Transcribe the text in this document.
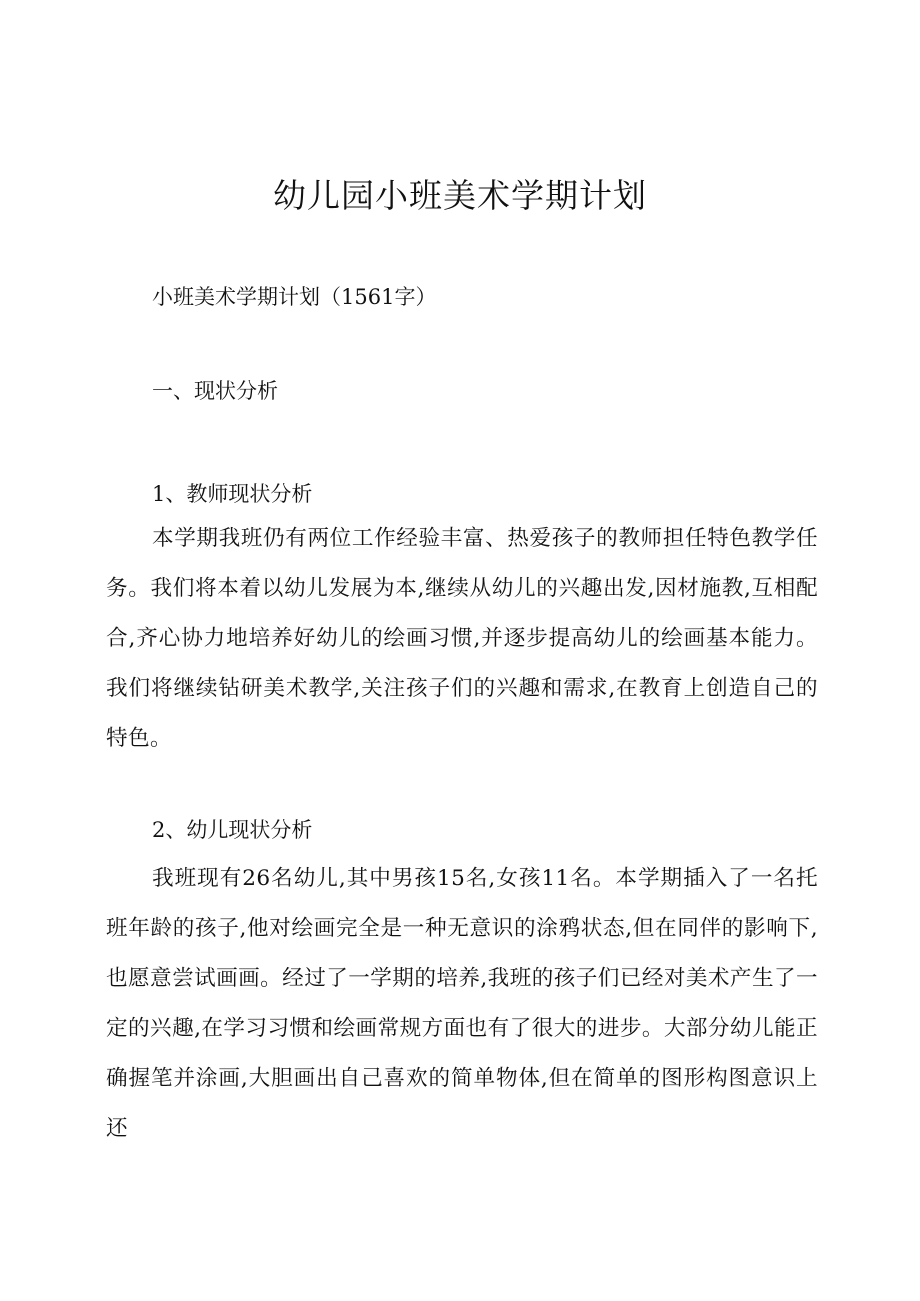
幼儿园小班美术学期计划
小班美术学期计划（1561字）
一、现状分析
1、教师现状分析

本学期我班仍有两位工作经验丰富、热爱孩子的教师担任特色教学任务。我们将本着以幼儿发展为本,继续从幼儿的兴趣出发,因材施教,互相配合,齐心协力地培养好幼儿的绘画习惯,并逐步提高幼儿的绘画基本能力。我们将继续钻研美术教学,关注孩子们的兴趣和需求,在教育上创造自己的特色。

2、幼儿现状分析

我班现有26名幼儿,其中男孩15名,女孩11名。本学期插入了一名托班年龄的孩子,他对绘画完全是一种无意识的涂鸦状态,但在同伴的影响下,也愿意尝试画画。经过了一学期的培养,我班的孩子们已经对美术产生了一定的兴趣,在学习习惯和绘画常规方面也有了很大的进步。大部分幼儿能正确握笔并涂画,大胆画出自己喜欢的简单物体,但在简单的图形构图意识上还
